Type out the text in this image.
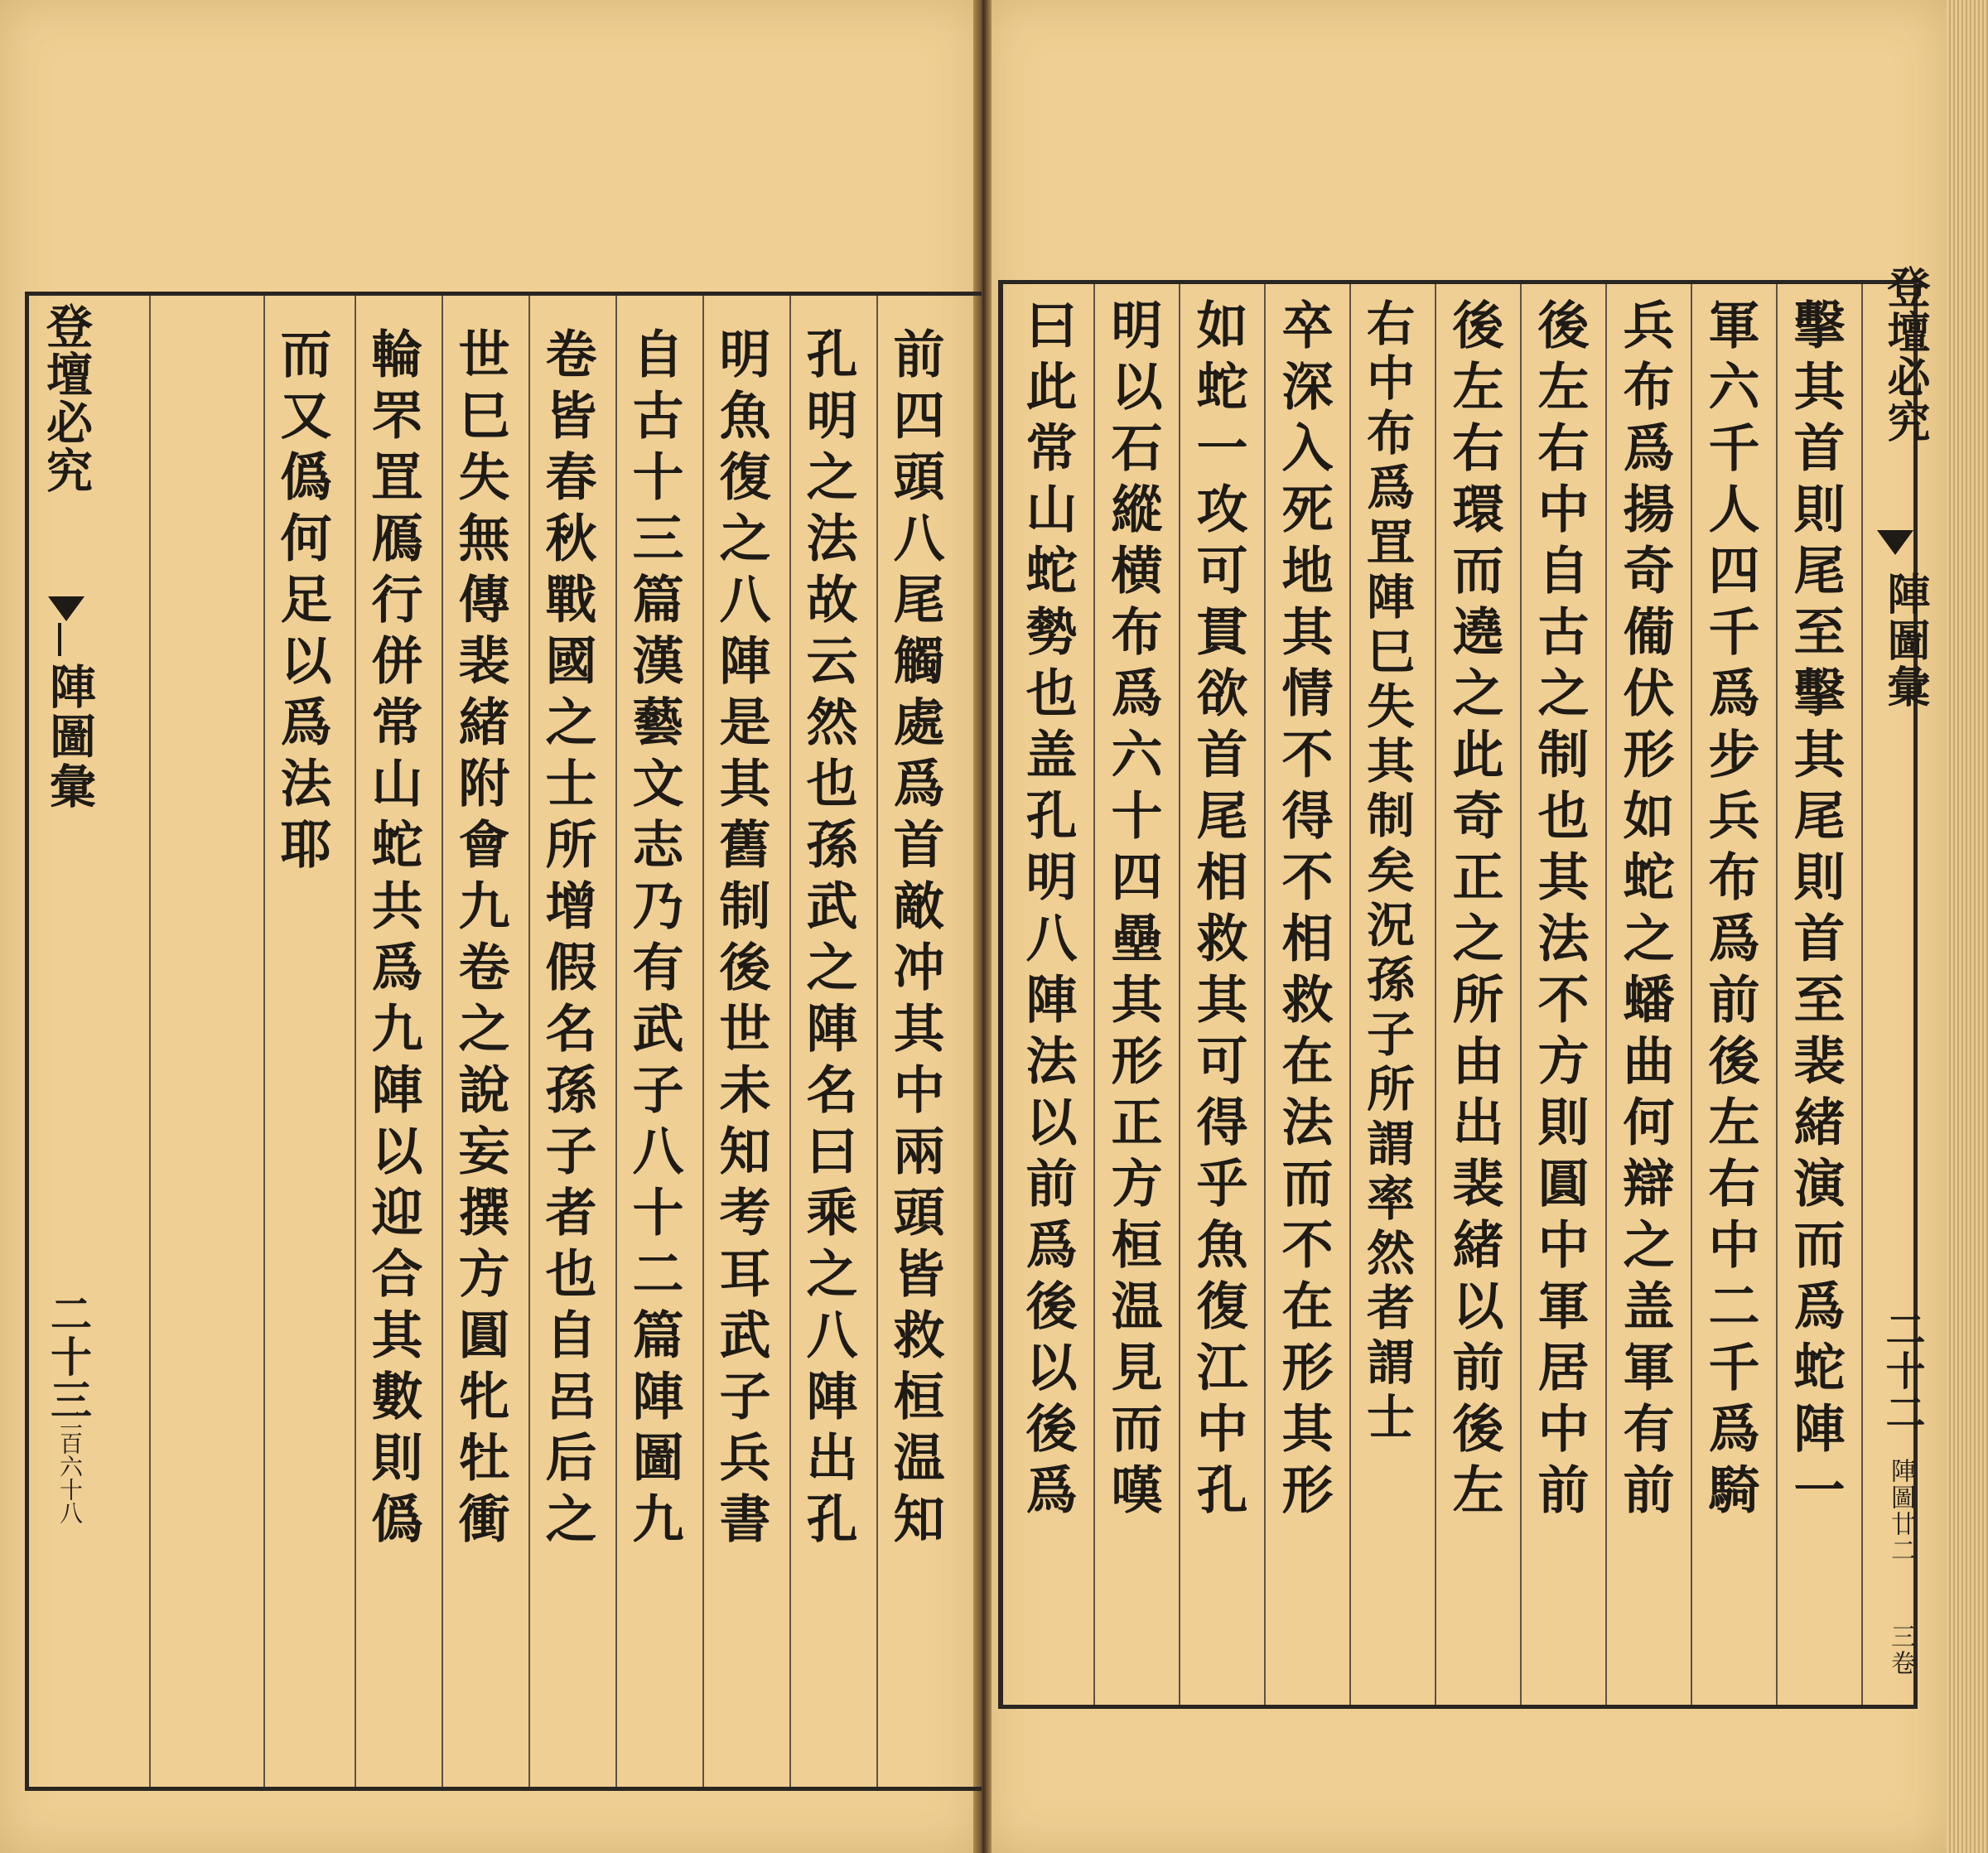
登壇必究
陣圖彙
二十三
二百六十八	前四頭八尾觸處爲首敵冲其中兩頭皆救桓温知
孔明之法故云然也孫武之陣名曰乘之八陣出孔
明魚復之八陣是其舊制後世未知考耳武子兵書
自古十三篇漢藝文志乃有武子八十二篇陣圖九
卷皆春秋戰國之士所增假名孫子者也自呂后之
世巳失無傳裴緒附會九卷之說妄撰方圓牝牡衝
輪罘罝鴈行併常山蛇共爲九陣以迎合其數則僞
而又僞何足以爲法耶	登壇必究
陣圖彙
二十二
陣圖廿二
三卷
擊其首則尾至擊其尾則首至裴緒演而爲蛇陣一
軍六千人四千爲步兵布爲前後左右中二千爲騎
兵布爲揚奇僃伏形如蛇之蟠曲何辯之盖軍有前
後左右中自古之制也其法不方則圓中軍居中前
後左右環而遶之此奇正之所由出裴緒以前後左
右中布爲罝陣巳失其制矣況孫子所謂率然者謂士
卒深入死地其情不得不相救在法而不在形其形
如蛇一攻可貫欲首尾相救其可得乎魚復江中孔
明以石縱横布爲六十四壘其形正方桓温見而嘆
曰此常山蛇勢也盖孔明八陣法以前爲後以後爲
